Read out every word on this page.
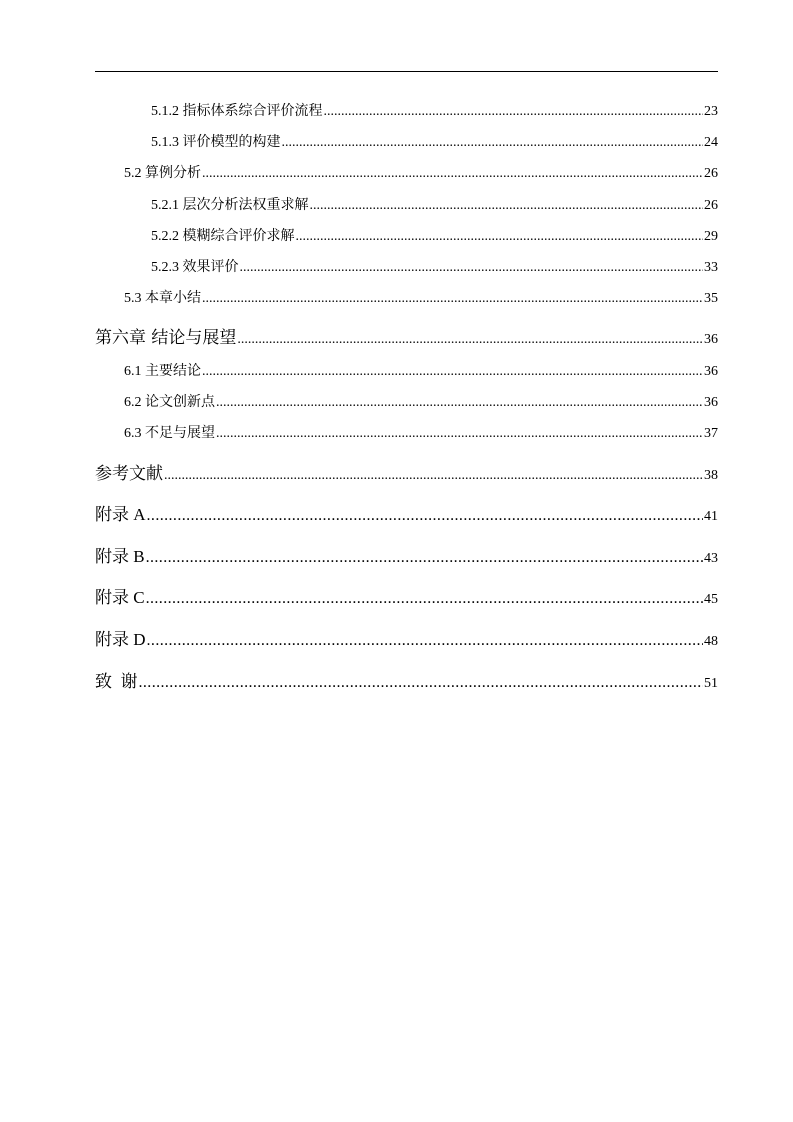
5.1.2 指标体系综合评价流程 .....	23
5.1.3 评价模型的构建 .....	24
5.2 算例分析 .....	26
5.2.1 层次分析法权重求解 .....	26
5.2.2 模糊综合评价求解 .....	29
5.2.3 效果评价 .....	33
5.3 本章小结 .....	35
第六章 结论与展望 .....	36
6.1 主要结论 .....	36
6.2 论文创新点 .....	36
6.3 不足与展望 .....	37
参考文献 .....	38
附录 A .....	41
附录 B .....	43
附录 C .....	45
附录 D .....	48
致  谢 .....	51
